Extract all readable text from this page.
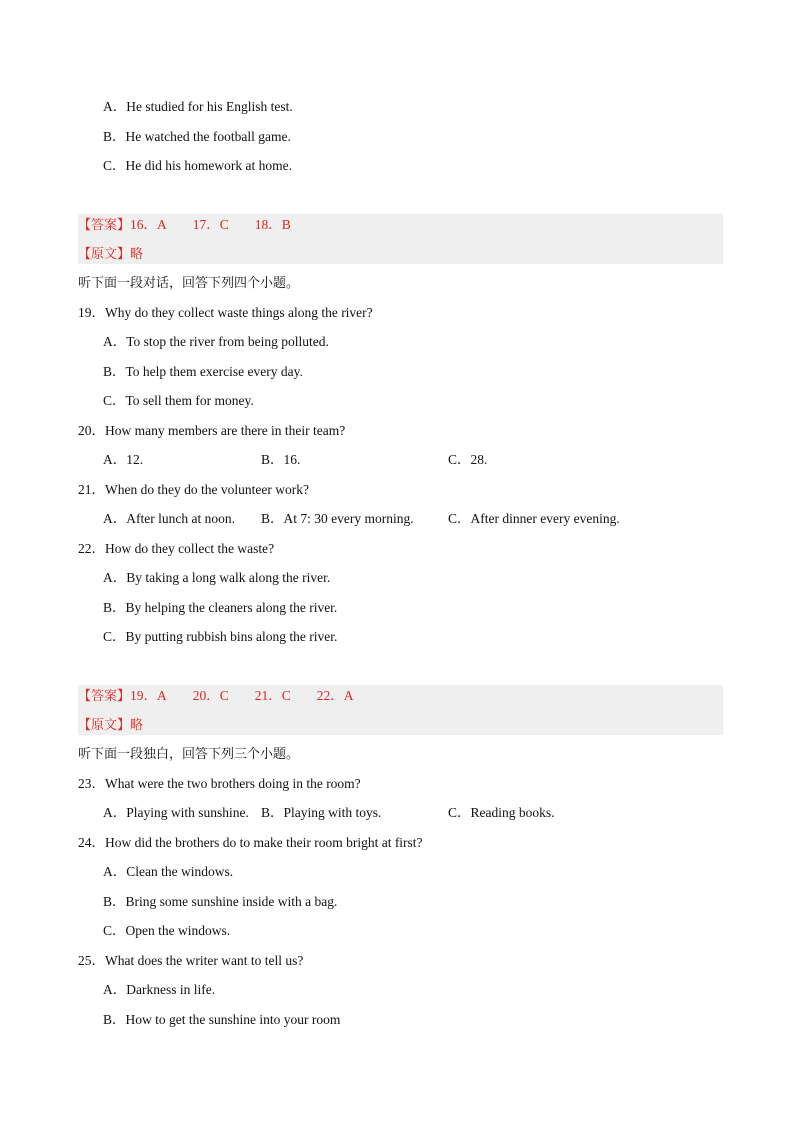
A．He studied for his English test.
B．He watched the football game.
C．He did his homework at home.
【答案】16．A 17．C 18．B
【原文】略
听下面一段对话，回答下列四个小题。
19．Why do they collect waste things along the river?
A．To stop the river from being polluted.
B．To help them exercise every day.
C．To sell them for money.
20．How many members are there in their team?
A．12.	B．16.	C．28.
21．When do they do the volunteer work?
A．After lunch at noon. B．At 7: 30 every morning.	C．After dinner every evening.
22．How do they collect the waste?
A．By taking a long walk along the river.
B．By helping the cleaners along the river.
C．By putting rubbish bins along the river.
【答案】19．A 20．C 21．C 22．A
【原文】略
听下面一段独白，回答下列三个小题。
23．What were the two brothers doing in the room?
A．Playing with sunshine. B．Playing with toys.	C．Reading books.
24．How did the brothers do to make their room bright at first?
A．Clean the windows.
B．Bring some sunshine inside with a bag.
C．Open the windows.
25．What does the writer want to tell us?
A．Darkness in life.
B．How to get the sunshine into your room
